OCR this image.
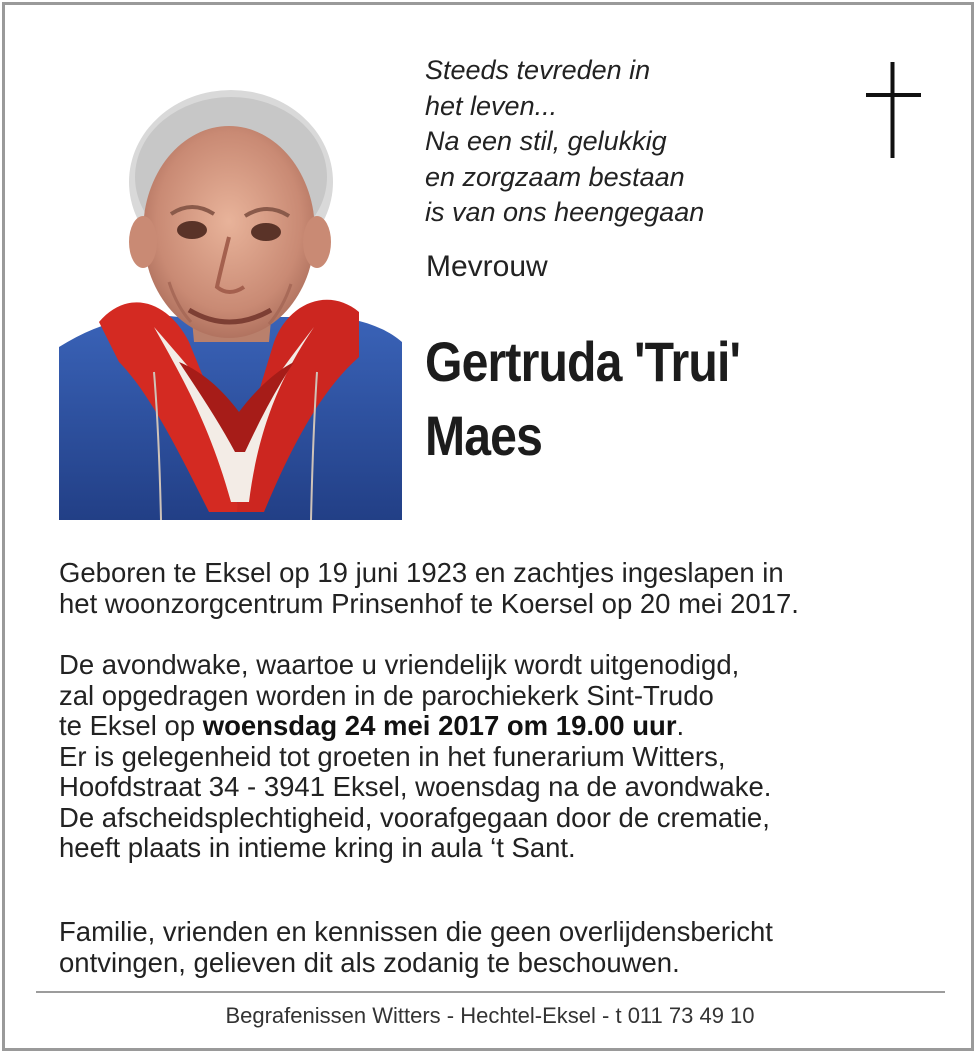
Steeds tevreden in
het leven...
Na een stil, gelukkig
en zorgzaam bestaan
is van ons heengegaan
Mevrouw
Gertruda 'Trui'
Maes
Geboren te Eksel op 19 juni 1923 en zachtjes ingeslapen in
het woonzorgcentrum Prinsenhof te Koersel op 20 mei 2017.
De avondwake, waartoe u vriendelijk wordt uitgenodigd,
zal opgedragen worden in de parochiekerk Sint-Trudo
te Eksel op woensdag 24 mei 2017 om 19.00 uur.
Er is gelegenheid tot groeten in het funerarium Witters,
Hoofdstraat 34 - 3941 Eksel, woensdag na de avondwake.
De afscheidsplechtigheid, voorafgegaan door de crematie,
heeft plaats in intieme kring in aula ‘t Sant.
Familie, vrienden en kennissen die geen overlijdensbericht
ontvingen, gelieven dit als zodanig te beschouwen.
Begrafenissen Witters - Hechtel-Eksel - t 011 73 49 10
